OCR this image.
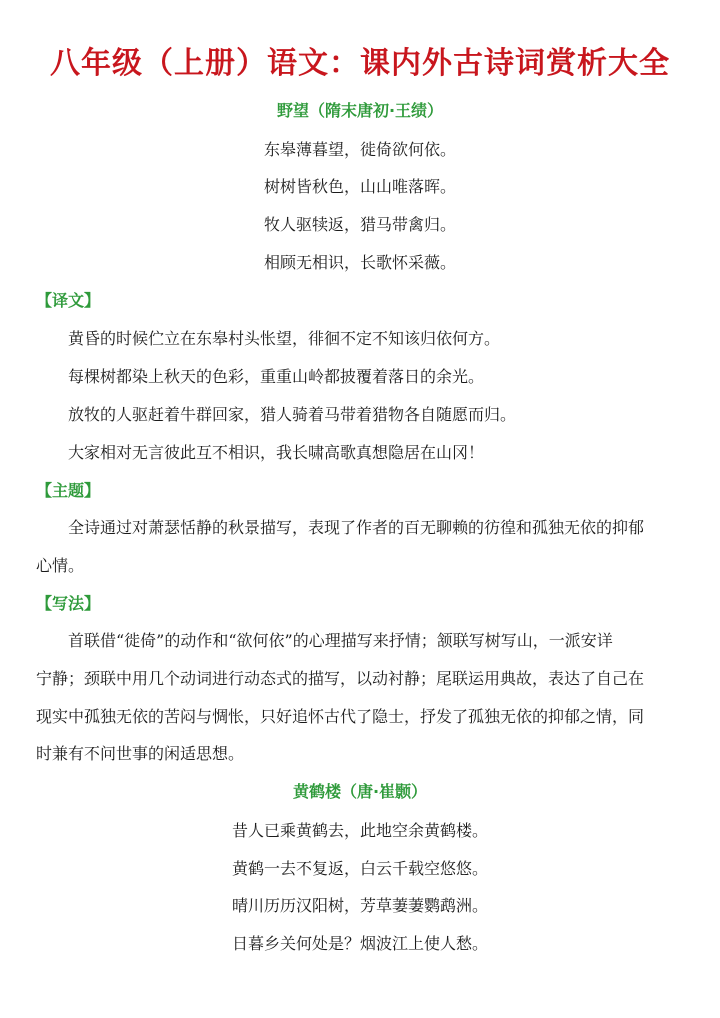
八年级（上册）语文：课内外古诗词赏析大全
野望（隋末唐初·王绩）
东皋薄暮望，徙倚欲何依。
树树皆秋色，山山唯落晖。
牧人驱犊返，猎马带禽归。
相顾无相识，长歌怀采薇。
【译文】
黄昏的时候伫立在东皋村头怅望，徘徊不定不知该归依何方。
每棵树都染上秋天的色彩，重重山岭都披覆着落日的余光。
放牧的人驱赶着牛群回家，猎人骑着马带着猎物各自随愿而归。
大家相对无言彼此互不相识，我长啸高歌真想隐居在山冈！
【主题】
全诗通过对萧瑟恬静的秋景描写，表现了作者的百无聊赖的彷徨和孤独无依的抑郁
心情。
【写法】
首联借“徙倚”的动作和“欲何依”的心理描写来抒情；颔联写树写山，一派安详
宁静；颈联中用几个动词进行动态式的描写，以动衬静；尾联运用典故，表达了自己在
现实中孤独无依的苦闷与惆怅，只好追怀古代了隐士，抒发了孤独无依的抑郁之情，同
时兼有不问世事的闲适思想。
黄鹤楼（唐·崔颢）
昔人已乘黄鹤去，此地空余黄鹤楼。
黄鹤一去不复返，白云千载空悠悠。
晴川历历汉阳树，芳草萋萋鹦鹉洲。
日暮乡关何处是？烟波江上使人愁。
